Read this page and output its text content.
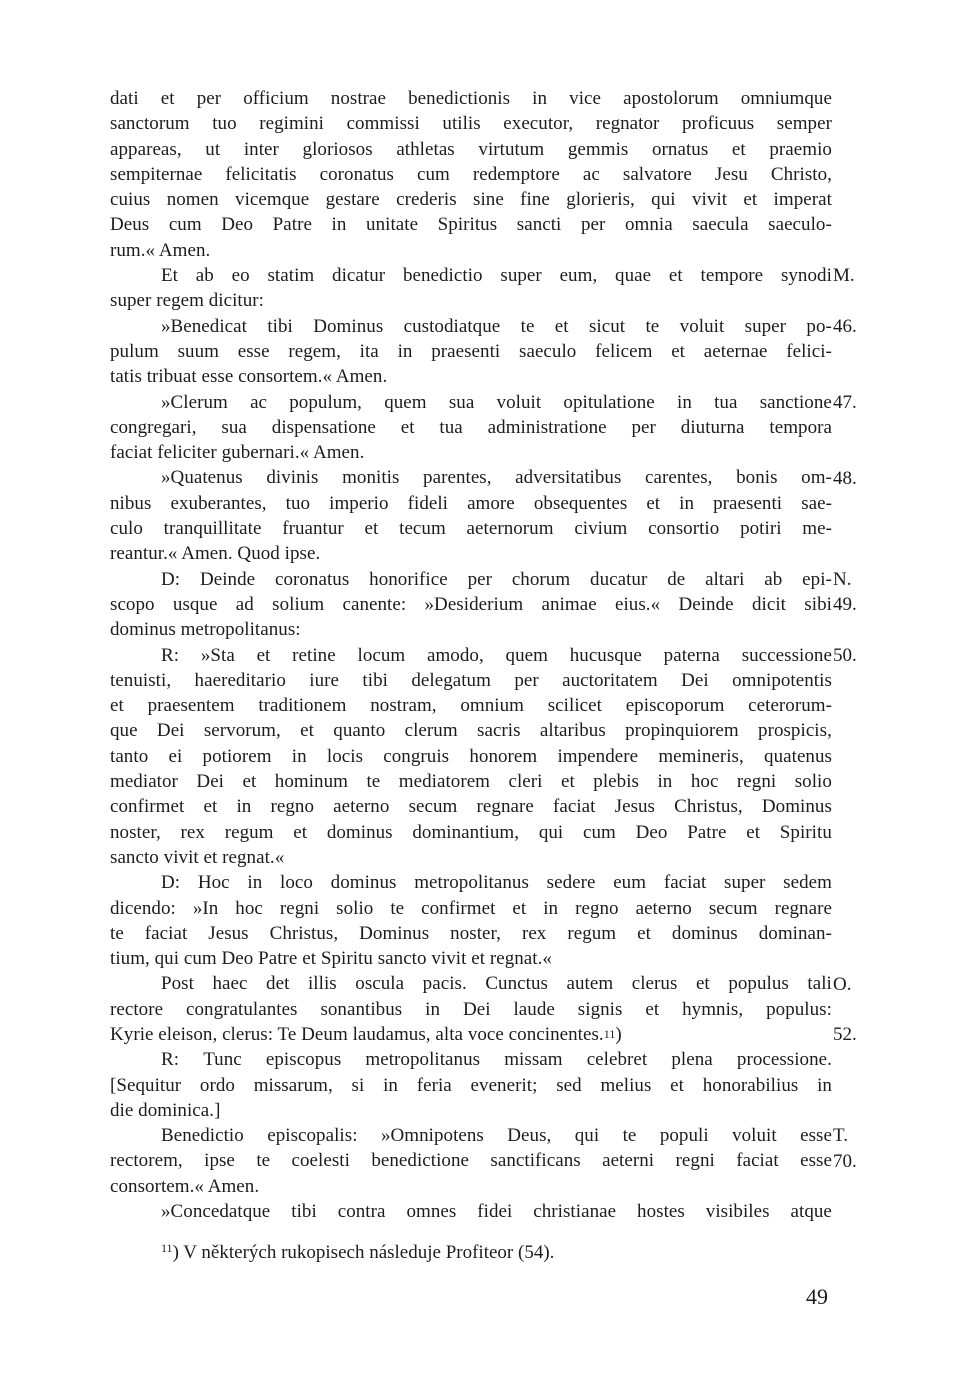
dati et per officium nostrae benedictionis in vice apostolorum omniumque
sanctorum tuo regimini commissi utilis executor, regnator proficuus semper
appareas, ut inter gloriosos athletas virtutum gemmis ornatus et praemio
sempiternae felicitatis coronatus cum redemptore ac salvatore Jesu Christo,
cuius nomen vicemque gestare crederis sine fine glorieris, qui vivit et imperat
Deus cum Deo Patre in unitate Spiritus sancti per omnia saecula saeculo-
rum.« Amen.
Et ab eo statim dicatur benedictio super eum, quae et tempore synodi
super regem dicitur:
»Benedicat tibi Dominus custodiatque te et sicut te voluit super po-
pulum suum esse regem, ita in praesenti saeculo felicem et aeternae felici-
tatis tribuat esse consortem.« Amen.
»Clerum ac populum, quem sua voluit opitulatione in tua sanctione
congregari, sua dispensatione et tua administratione per diuturna tempora
faciat feliciter gubernari.« Amen.
»Quatenus divinis monitis parentes, adversitatibus carentes, bonis om-
nibus exuberantes, tuo imperio fideli amore obsequentes et in praesenti sae-
culo tranquillitate fruantur et tecum aeternorum civium consortio potiri me-
reantur.« Amen. Quod ipse.
D: Deinde coronatus honorifice per chorum ducatur de altari ab epi-
scopo usque ad solium canente: »Desiderium animae eius.« Deinde dicit sibi
dominus metropolitanus:
R: »Sta et retine locum amodo, quem hucusque paterna successione
tenuisti, haereditario iure tibi delegatum per auctoritatem Dei omnipotentis
et praesentem traditionem nostram, omnium scilicet episcoporum ceterorum-
que Dei servorum, et quanto clerum sacris altaribus propinquiorem prospicis,
tanto ei potiorem in locis congruis honorem impendere memineris, quatenus
mediator Dei et hominum te mediatorem cleri et plebis in hoc regni solio
confirmet et in regno aeterno secum regnare faciat Jesus Christus, Dominus
noster, rex regum et dominus dominantium, qui cum Deo Patre et Spiritu
sancto vivit et regnat.«
D: Hoc in loco dominus metropolitanus sedere eum faciat super sedem
dicendo: »In hoc regni solio te confirmet et in regno aeterno secum regnare
te faciat Jesus Christus, Dominus noster, rex regum et dominus dominan-
tium, qui cum Deo Patre et Spiritu sancto vivit et regnat.«
Post haec det illis oscula pacis. Cunctus autem clerus et populus tali
rectore congratulantes sonantibus in Dei laude signis et hymnis, populus:
Kyrie eleison, clerus: Te Deum laudamus, alta voce concinentes. 11 )
R: Tunc episcopus metropolitanus missam celebret plena processione.
[Sequitur ordo missarum, si in feria evenerit; sed melius et honorabilius in
die dominica.]
Benedictio episcopalis: »Omnipotens Deus, qui te populi voluit esse
rectorem, ipse te coelesti benedictione sanctificans aeterni regni faciat esse
consortem.« Amen.
»Concedatque tibi contra omnes fidei christianae hostes visibiles atque
M.
46.
47.
48.
N.
49.
50.
O.
52.
T.
70.
$^{11}$) V některých rukopisech následuje Profiteor (54).
49
